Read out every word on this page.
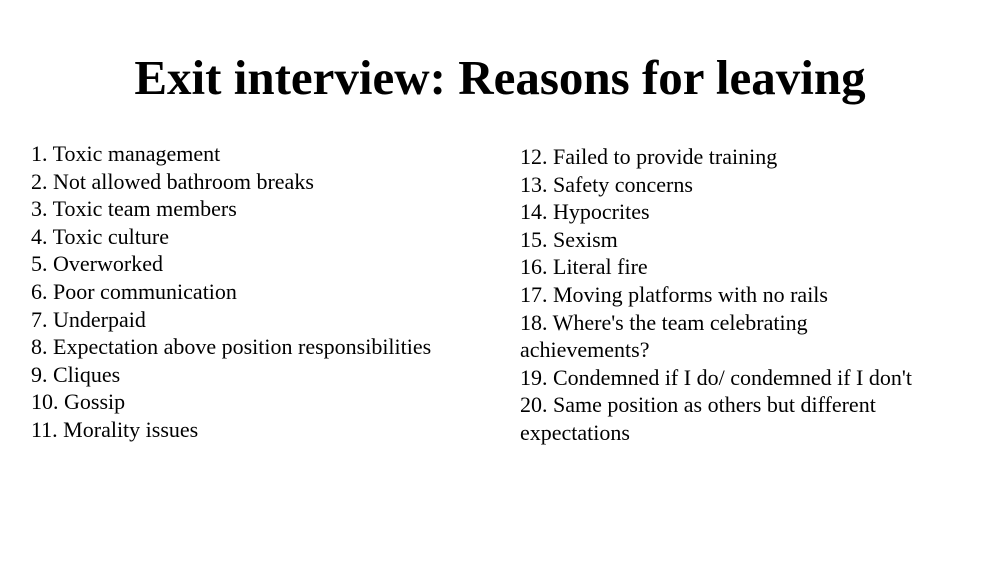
Exit interview: Reasons for leaving
1. Toxic management
2. Not allowed bathroom breaks
3. Toxic team members
4. Toxic culture
5. Overworked
6. Poor communication
7. Underpaid
8. Expectation above position responsibilities
9. Cliques
10. Gossip
11. Morality issues
12. Failed to provide training
13. Safety concerns
14. Hypocrites
15. Sexism
16. Literal fire
17. Moving platforms with no rails
18. Where's the team celebrating achievements?
19. Condemned if I do/ condemned if I don't
20. Same position as others but different expectations
